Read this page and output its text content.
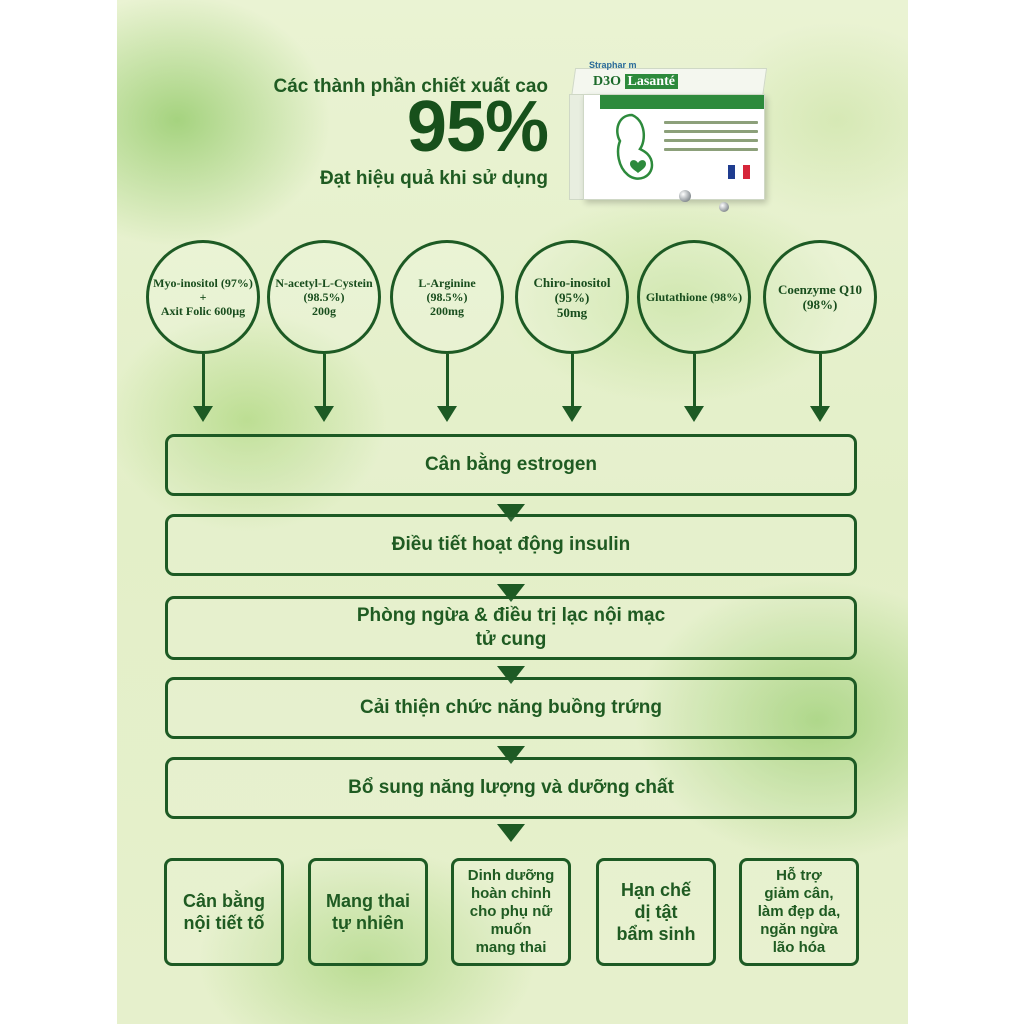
Các thành phần chiết xuất cao
95%
Đạt hiệu quả khi sử dụng
Straphar m
D3O Lasanté
Myo-inositol (97%)
+
Axit Folic 600µg
N-acetyl-L-Cystein
(98.5%)
200g
L-Arginine (98.5%)
200mg
Chiro-inositol
(95%)
50mg
Glutathione (98%)	Coenzyme Q10
(98%)
Cân bằng estrogen
Điều tiết hoạt động insulin
Phòng ngừa & điều trị lạc nội mạc
tử cung
Cải thiện chức năng buồng trứng
Bổ sung năng lượng và dưỡng chất
Cân bằng
nội tiết tố
Mang thai
tự nhiên
Dinh dưỡng
hoàn chỉnh
cho phụ nữ
muốn
mang thai
Hạn chế
dị tật
bẩm sinh
Hỗ trợ
giảm cân,
làm đẹp da,
ngăn ngừa
lão hóa
